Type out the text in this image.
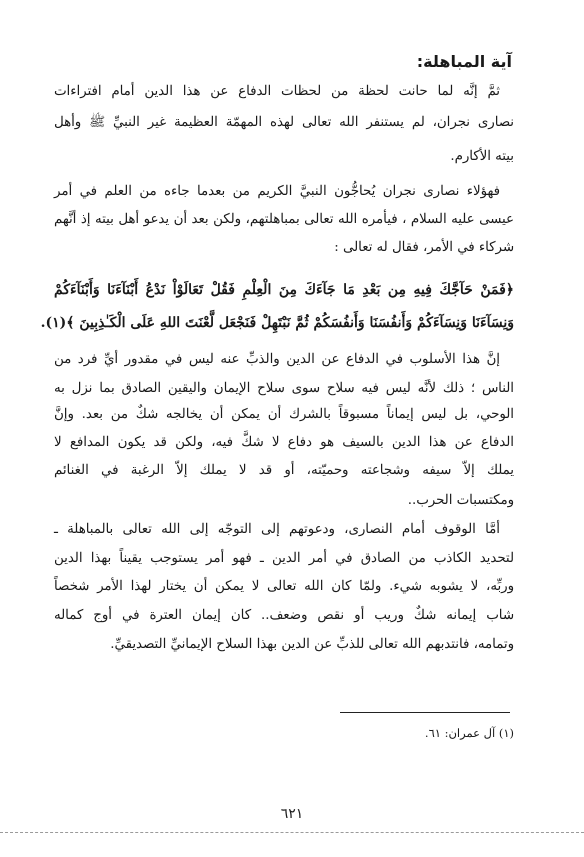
آية المباهلة:
ثمَّ إنَّه لما حانت لحظة من لحظات الدفاع عن هذا الدين أمام افتراءات
نصارى نجران، لم يستنفر الله تعالى لهذه المهمّة العظيمة غير النبيِّ ﷺ وأهل
بيته الأكارم.
فهؤلاء نصارى نجران يُحاجُّون النبيَّ الكريم من بعدما جاءه من العلم في أمر
عيسى عليه السلام ، فيأمره الله تعالى بمباهلتهم، ولكن بعد أن يدعو أهل بيته إذ أنَّهم
شركاء في الأمر، فقال له تعالى :
﴿فَمَنْ حَآجَّكَ فِيهِ مِن بَعْدِ مَا جَآءَكَ مِنَ الْعِلْمِ فَقُلْ تَعَالَوْاْ نَدْعُ أَبْنَآءَنَا وَأَبْنَآءَكُمْ
وَنِسَآءَنَا وَنِسَآءَكُمْ وَأَنفُسَنَا وَأَنفُسَكُمْ ثُمَّ نَبْتَهِلْ فَنَجْعَل لَّعْنَتَ اللهِ عَلَى الْكَـٰذِبِينَ ﴾(١).
إنَّ هذا الأسلوب في الدفاع عن الدين والذبِّ عنه ليس في مقدور أيِّ فرد من
الناس ؛ ذلك لأنَّه ليس فيه سلاح سوى سلاح الإيمان واليقين الصادق بما نزل به
الوحي، بل ليس إيماناً مسبوقاً بالشرك أن يمكن أن يخالجه شكٌ من بعد. وإنَّ
الدفاع عن هذا الدين بالسيف هو دفاع لا شكَّ فيه، ولكن قد يكون المدافع لا
يملك إلاّ سيفه وشجاعته وحميّته، أو قد لا يملك إلاّ الرغبة في الغنائم
ومكتسبات الحرب..
أمَّا الوقوف أمام النصارى، ودعوتهم إلى التوجّه إلى الله تعالى بالمباهلة ـ
لتحديد الكاذب من الصادق في أمر الدين ـ فهو أمر يستوجب يقيناً بهذا الدين
وربِّه، لا يشوبه شيء. ولمّا كان الله تعالى لا يمكن أن يختار لهذا الأمر شخصاً
شاب إيمانه شكٌ وريب أو نقص وضعف.. كان إيمان العترة في أوج كماله
وتمامه، فانتدبهم الله تعالى للذبِّ عن الدين بهذا السلاح الإيمانيِّ التصديقيِّ.
(١) آل عمران: ٦١.
٦٢١
